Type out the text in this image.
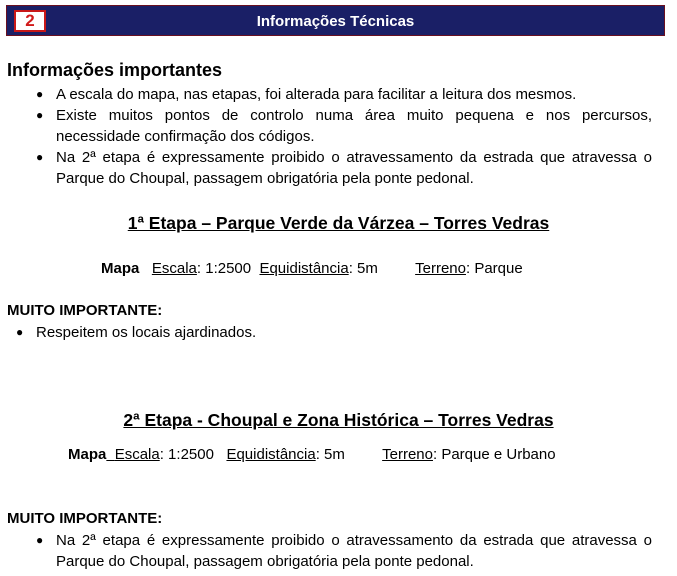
2	Informações Técnicas
Informações importantes
● A escala do mapa, nas etapas, foi alterada para facilitar a leitura dos mesmos.
● Existe muitos pontos de controlo numa área muito pequena e nos percursos, necessidade confirmação dos códigos.
● Na 2ª etapa é expressamente proibido o atravessamento da estrada que atravessa o Parque do Choupal, passagem obrigatória pela ponte pedonal.
1ª Etapa – Parque Verde da Várzea – Torres Vedras
Mapa Escala: 1:2500 Equidistância: 5m Terreno: Parque
MUITO IMPORTANTE:
● Respeitem os locais ajardinados.
2ª Etapa - Choupal e Zona Histórica – Torres Vedras
Mapa Escala: 1:2500 Equidistância: 5m Terreno: Parque e Urbano
MUITO IMPORTANTE:
● Na 2ª etapa é expressamente proibido o atravessamento da estrada que atravessa o Parque do Choupal, passagem obrigatória pela ponte pedonal.
